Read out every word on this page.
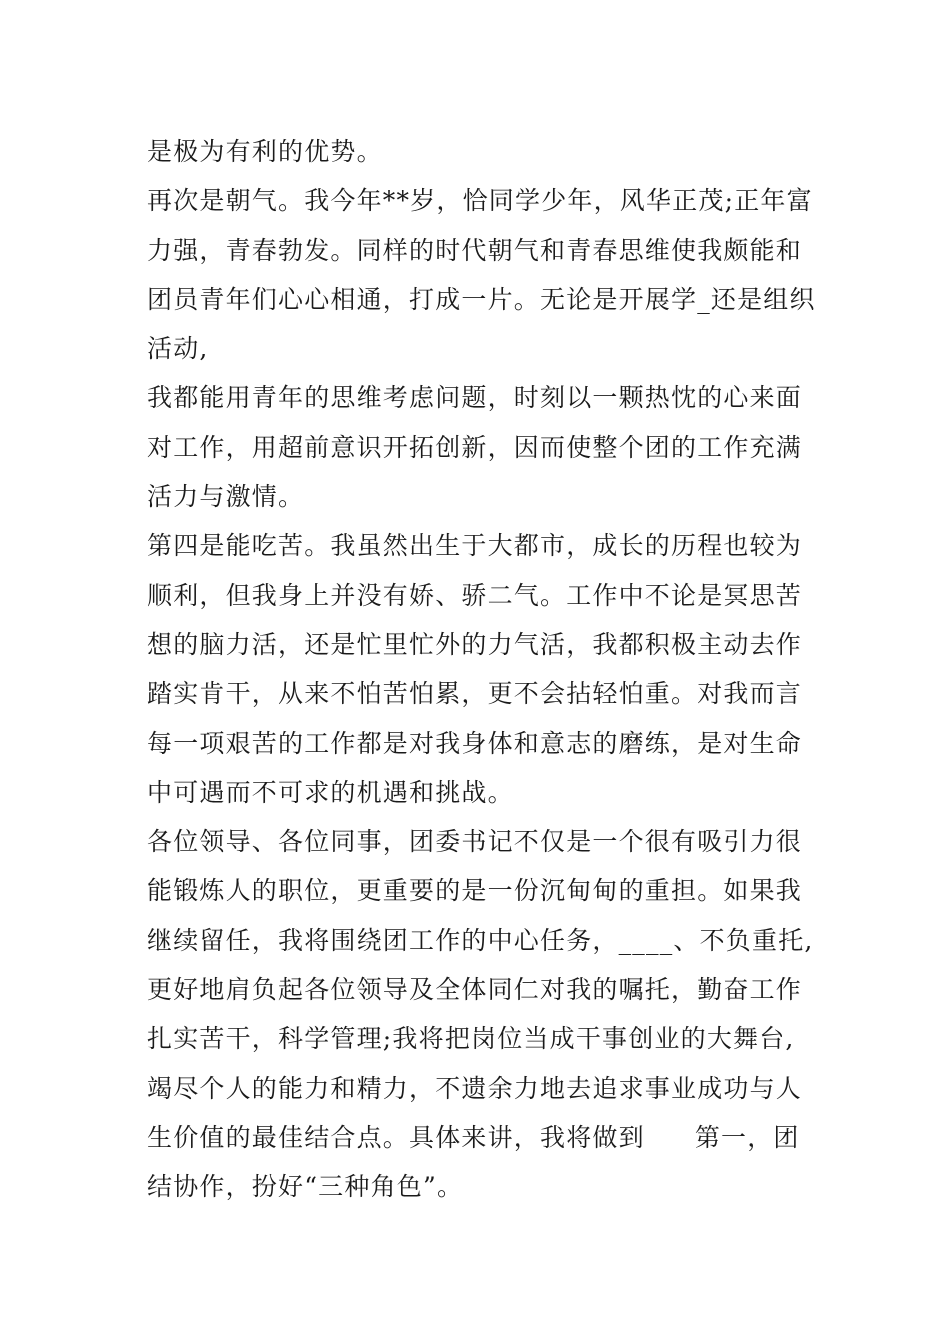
是极为有利的优势。
再次是朝气。我今年**岁，恰同学少年，风华正茂;正年富
力强，青春勃发。同样的时代朝气和青春思维使我颇能和
团员青年们心心相通，打成一片。无论是开展学_还是组织
活动,
我都能用青年的思维考虑问题，时刻以一颗热忱的心来面
对工作，用超前意识开拓创新，因而使整个团的工作充满
活力与激情。
第四是能吃苦。我虽然出生于大都市，成长的历程也较为
顺利，但我身上并没有娇、骄二气。工作中不论是冥思苦
想的脑力活，还是忙里忙外的力气活，我都积极主动去作
踏实肯干，从来不怕苦怕累，更不会拈轻怕重。对我而言
每一项艰苦的工作都是对我身体和意志的磨练，是对生命
中可遇而不可求的机遇和挑战。
各位领导、各位同事，团委书记不仅是一个很有吸引力很
能锻炼人的职位，更重要的是一份沉甸甸的重担。如果我
继续留任，我将围绕团工作的中心任务，____、不负重托,
更好地肩负起各位领导及全体同仁对我的嘱托，勤奋工作
扎实苦干，科学管理;我将把岗位当成干事创业的大舞台,
竭尽个人的能力和精力，不遗余力地去追求事业成功与人
生价值的最佳结合点。具体来讲，我将做到 第一，团
结协作，扮好“三种角色”。
